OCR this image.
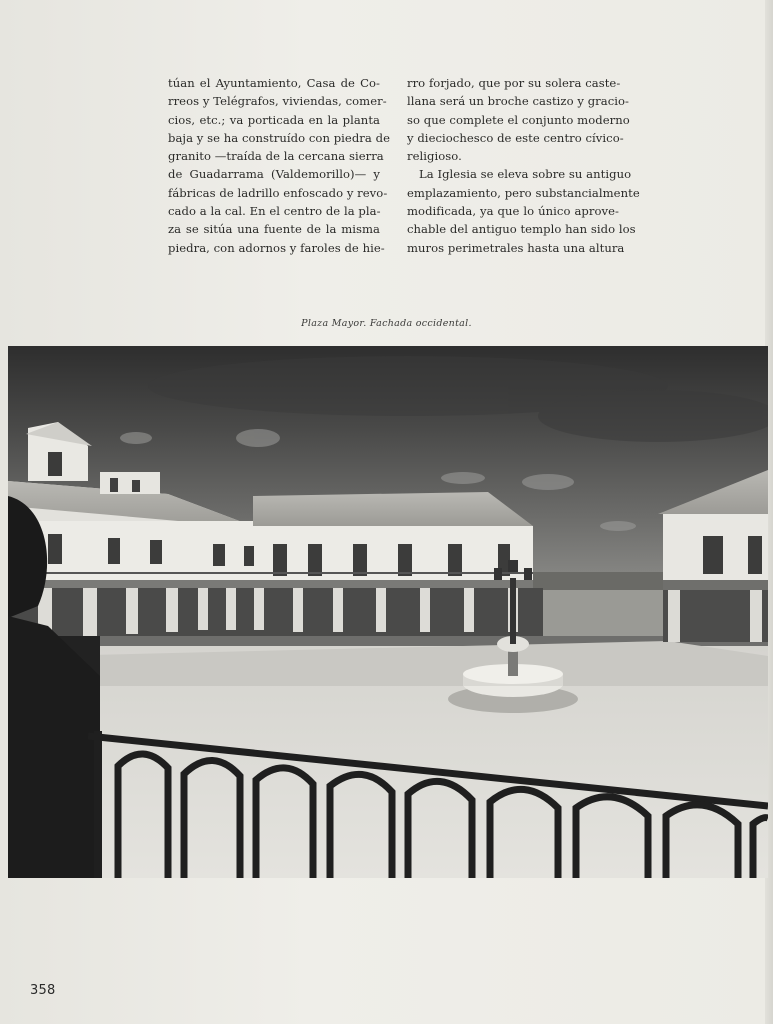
túan el Ayuntamiento, Casa de Co-
rreos y Telégrafos, viviendas, comer-
cios, etc.; va porticada en la planta
baja y se ha construído con piedra de
granito —traída de la cercana sierra
de Guadarrama (Valdemorillo)— y
fábricas de ladrillo enfoscado y revo-
cado a la cal. En el centro de la pla-
za se sitúa una fuente de la misma
piedra, con adornos y faroles de hie-
rro forjado, que por su solera caste-
llana será un broche castizo y gracio-
so que complete el conjunto moderno
y dieciochesco de este centro cívico-
religioso.
La Iglesia se eleva sobre su antiguo
emplazamiento, pero substancialmente
modificada, ya que lo único aprove-
chable del antiguo templo han sido los
muros perimetrales hasta una altura
Plaza Mayor. Fachada occidental.
358
